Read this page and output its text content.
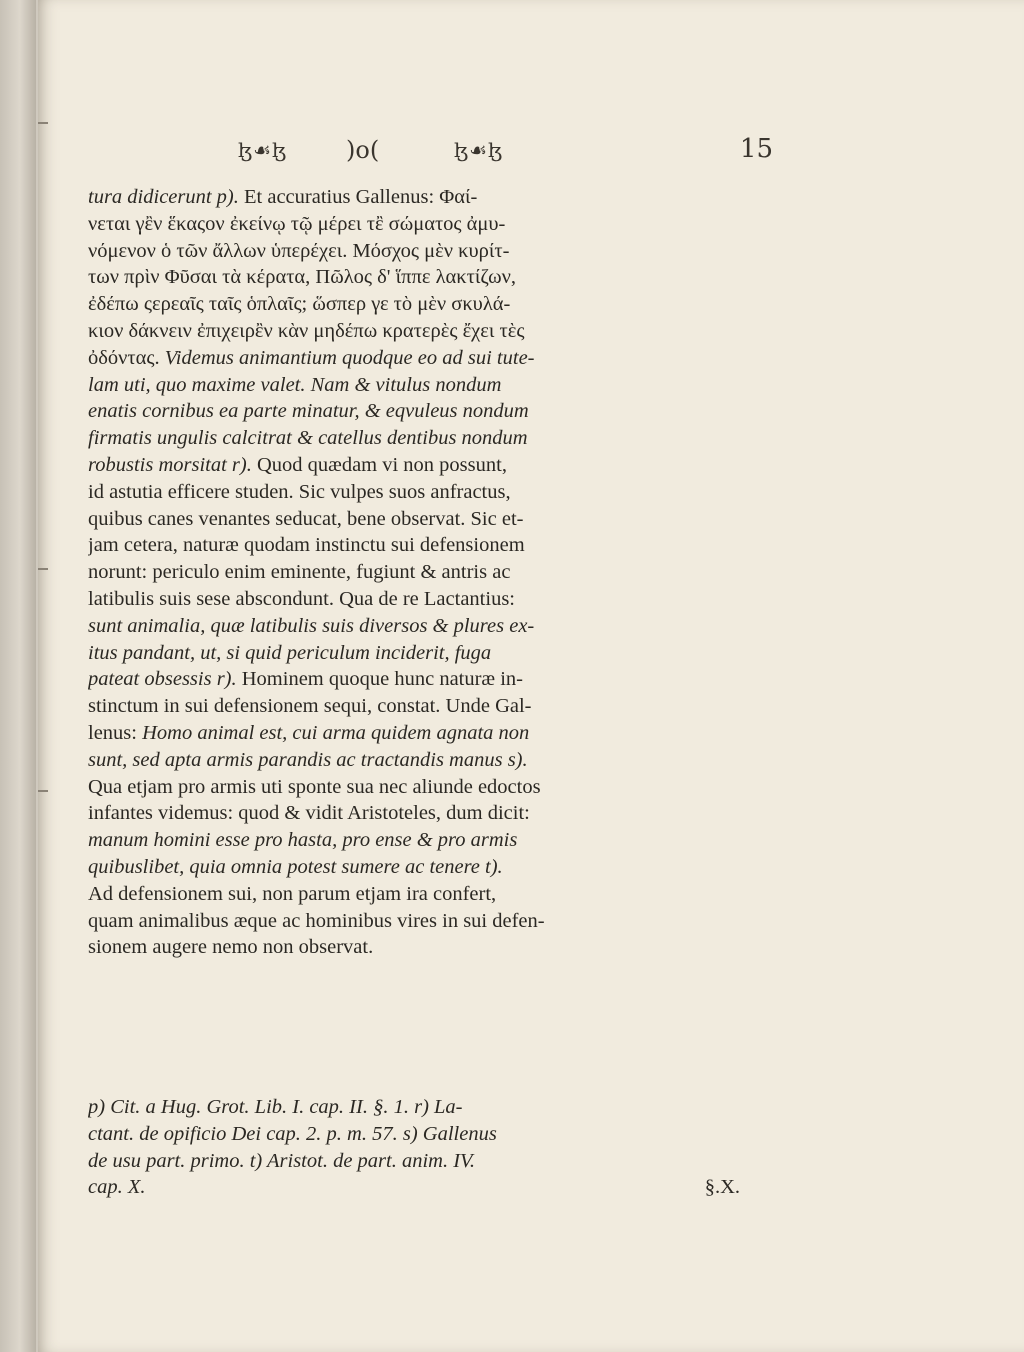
ɮ☙ɮ )o(	ɮ☙ɮ	15
tura didicerunt p). Et accuratius Gallenus: Φαί-
νεται γἒν ἕκαςον ἐκείνῳ τῷ μέρει τἒ σώματος ἀμυ-
νόμενον ὁ τῶν ἄλλων ὑπερέχει. Μόσχος μὲν κυρίτ-
των πρὶν Φῦσαι τὰ κέρατα, Πῶλος δ' ἵππε λακτίζων,
ἐδέπω ςερεαῖς ταῖς ὁπλαῖς; ὥσπερ γε τὸ μὲν σκυλά-
κιον δάκνειν ἐπιχειρἒν κὰν μηδέπω κρατερὲς ἔχει τὲς
ὀδόντας. Videmus animantium quodque eo ad sui tute-
lam uti, quo maxime valet. Nam & vitulus nondum
enatis cornibus ea parte minatur, & eqvuleus nondum
firmatis ungulis calcitrat & catellus dentibus nondum
robustis morsitat r). Quod quædam vi non possunt,
id astutia efficere studen. Sic vulpes suos anfractus,
quibus canes venantes seducat, bene observat. Sic et-
jam cetera, naturæ quodam instinctu sui defensionem
norunt: periculo enim eminente, fugiunt & antris ac
latibulis suis sese abscondunt. Qua de re Lactantius:
sunt animalia, quæ latibulis suis diversos & plures ex-
itus pandant, ut, si quid periculum inciderit, fuga
pateat obsessis r). Hominem quoque hunc naturæ in-
stinctum in sui defensionem sequi, constat. Unde Gal-
lenus: Homo animal est, cui arma quidem agnata non
sunt, sed apta armis parandis ac tractandis manus s).
Qua etjam pro armis uti sponte sua nec aliunde edoctos
infantes videmus: quod & vidit Aristoteles, dum dicit:
manum homini esse pro hasta, pro ense & pro armis
quibuslibet, quia omnia potest sumere ac tenere t).
Ad defensionem sui, non parum etjam ira confert,
quam animalibus æque ac hominibus vires in sui defen-
sionem augere nemo non observat.
p) Cit. a Hug. Grot. Lib. I. cap. II. §. 1. r) La-
ctant. de opificio Dei cap. 2. p. m. 57. s) Gallenus
de usu part. primo. t) Aristot. de part. anim. IV.
cap. X.	§.X.
